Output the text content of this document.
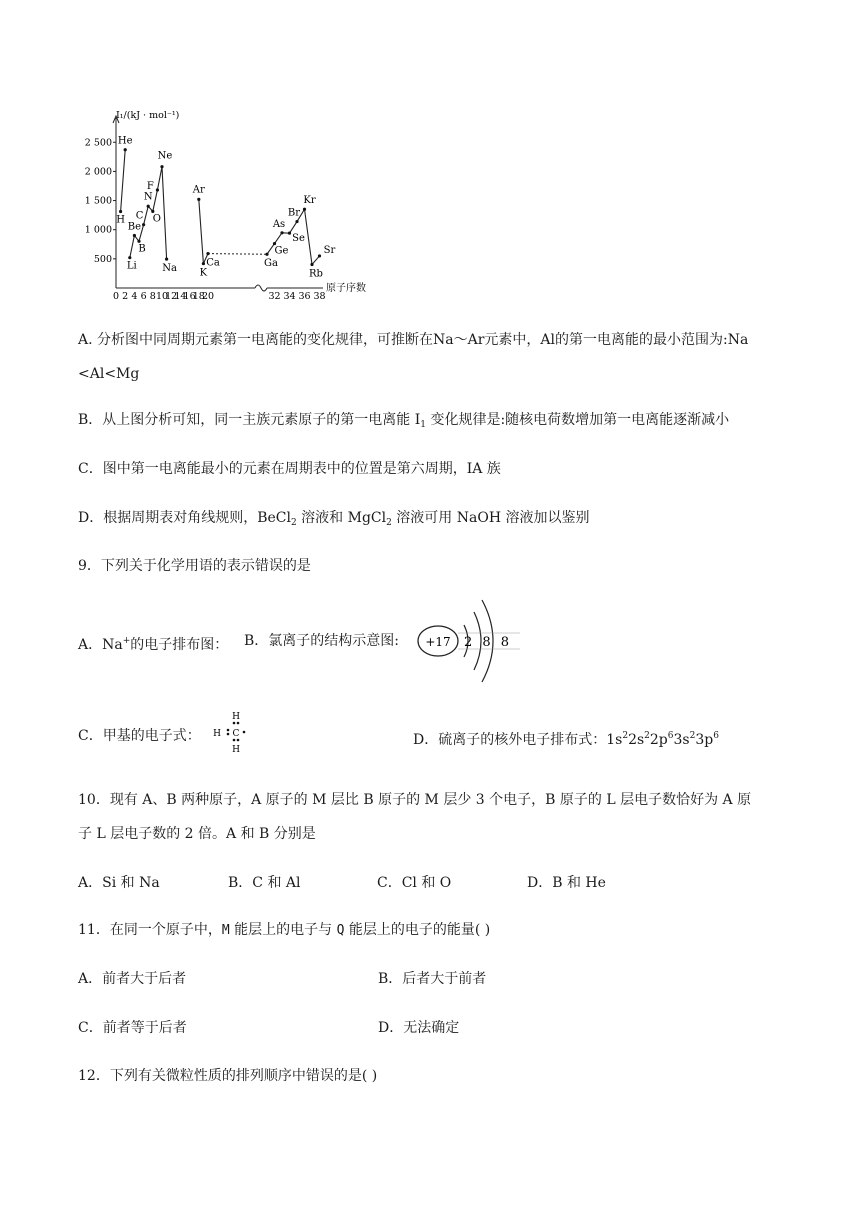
I₁/(kJ · mol⁻¹)
原子序数
2 500
2 000
1 500
1 000
500
0 2 4 6 8 10
12
14
16
18
20	32 34 36 38
H
He
Li
Be
B
C
N
O
F
Ne
Na
Ar
K
Ca	Ga
Ge
As
Se
Br
Kr
Rb
Sr
A. 分析图中同周期元素第一电离能的变化规律，可推断在Na～Ar元素中，Al的第一电离能的最小范围为:Na
<Al<Mg
B．从上图分析可知，同一主族元素原子的第一电离能 $I_1$ 变化规律是:随核电荷数增加第一电离能逐渐减小
C．图中第一电离能最小的元素在周期表中的位置是第六周期，IA 族
D．根据周期表对角线规则，BeCl$_2$ 溶液和 MgCl$_2$ 溶液可用 NaOH 溶液加以鉴别
9．下列关于化学用语的表示错误的是
A．Na+的电子排布图： B．氯离子的结构示意图: +17 2 8 8
C．甲基的电子式：
H
H C
H
D．硫离子的核外电子排布式：$1s^22s^22p^63s^23p^6$
10．现有 A、B 两种原子，A 原子的 M 层比 B 原子的 M 层少 3 个电子，B 原子的 L 层电子数恰好为 A 原
子 L 层电子数的 2 倍。A 和 B 分别是
A．Si 和 Na	B．C 和 Al	C．Cl 和 O	D．B 和 He
11．在同一个原子中，M 能层上的电子与 Q 能层上的电子的能量( )
A．前者大于后者	B．后者大于前者
C．前者等于后者	D．无法确定
12．下列有关微粒性质的排列顺序中错误的是( )
